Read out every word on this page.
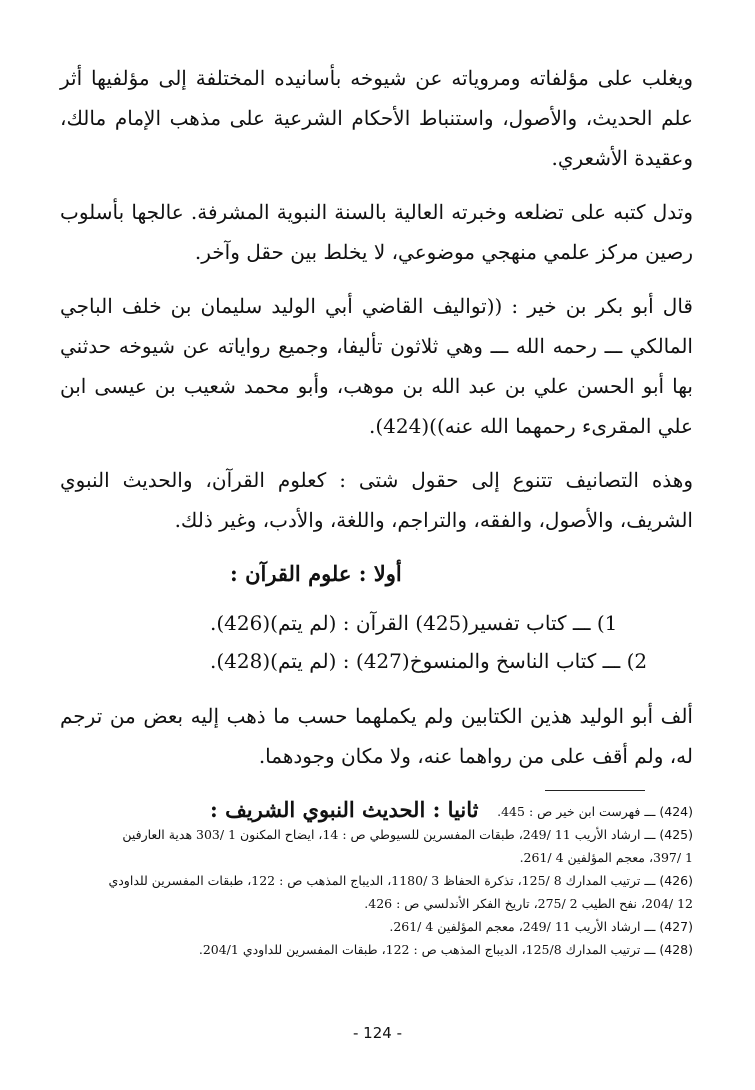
ويغلب على مؤلفاته ومروياته عن شيوخه بأسانيده المختلفة إلى مؤلفيها أثر علم الحديث، والأصول، واستنباط الأحكام الشرعية على مذهب الإمام مالك، وعقيدة الأشعري.

وتدل كتبه على تضلعه وخبرته العالية بالسنة النبوية المشرفة. عالجها بأسلوب رصين مركز علمي منهجي موضوعي، لا يخلط بين حقل وآخر.

قال أبو بكر بن خير : ((تواليف القاضي أبي الوليد سليمان بن خلف الباجي المالكي ـــ رحمه الله ـــ وهي ثلاثون تأليفا، وجميع رواياته عن شيوخه حدثني بها أبو الحسن علي بن عبد الله بن موهب، وأبو محمد شعيب بن عيسى ابن علي المقرىء رحمهما الله عنه))(424).

وهذه التصانيف تتنوع إلى حقول شتى : كعلوم القرآن، والحديث النبوي الشريف، والأصول، والفقه، والتراجم، واللغة، والأدب، وغير ذلك.

أولا : علوم القرآن :
1) ـــ كتاب تفسير(425) القرآن : (لم يتم)(426).
2) ـــ كتاب الناسخ والمنسوخ(427) : (لم يتم)(428).

ألف أبو الوليد هذين الكتابين ولم يكملهما حسب ما ذهب إليه بعض من ترجم له، ولم أقف على من رواهما عنه، ولا مكان وجودهما.

ثانيا : الحديث النبوي الشريف :	(424) ـــ فهرست ابن خير ص : 445.

(425) ـــ ارشاد الأريب 11 /249، طبقات المفسرين للسيوطي ص : 14، ايضاح المكنون 1 /303 هدية العارفين

1 /397، معجم المؤلفين 4 /261.

(426) ـــ ترتيب المدارك 8 /125، تذكرة الحفاظ 3 /1180، الديباج المذهب ص : 122، طبقات المفسرين للداودي

12 /204، نفح الطيب 2 /275، تاريخ الفكر الأندلسي ص : 426.

(427) ـــ ارشاد الأريب 11 /249، معجم المؤلفين 4 /261.

(428) ـــ ترتيب المدارك 125/8، الديباج المذهب ص : 122، طبقات المفسرين للداودي 204/1.

- 124 -
